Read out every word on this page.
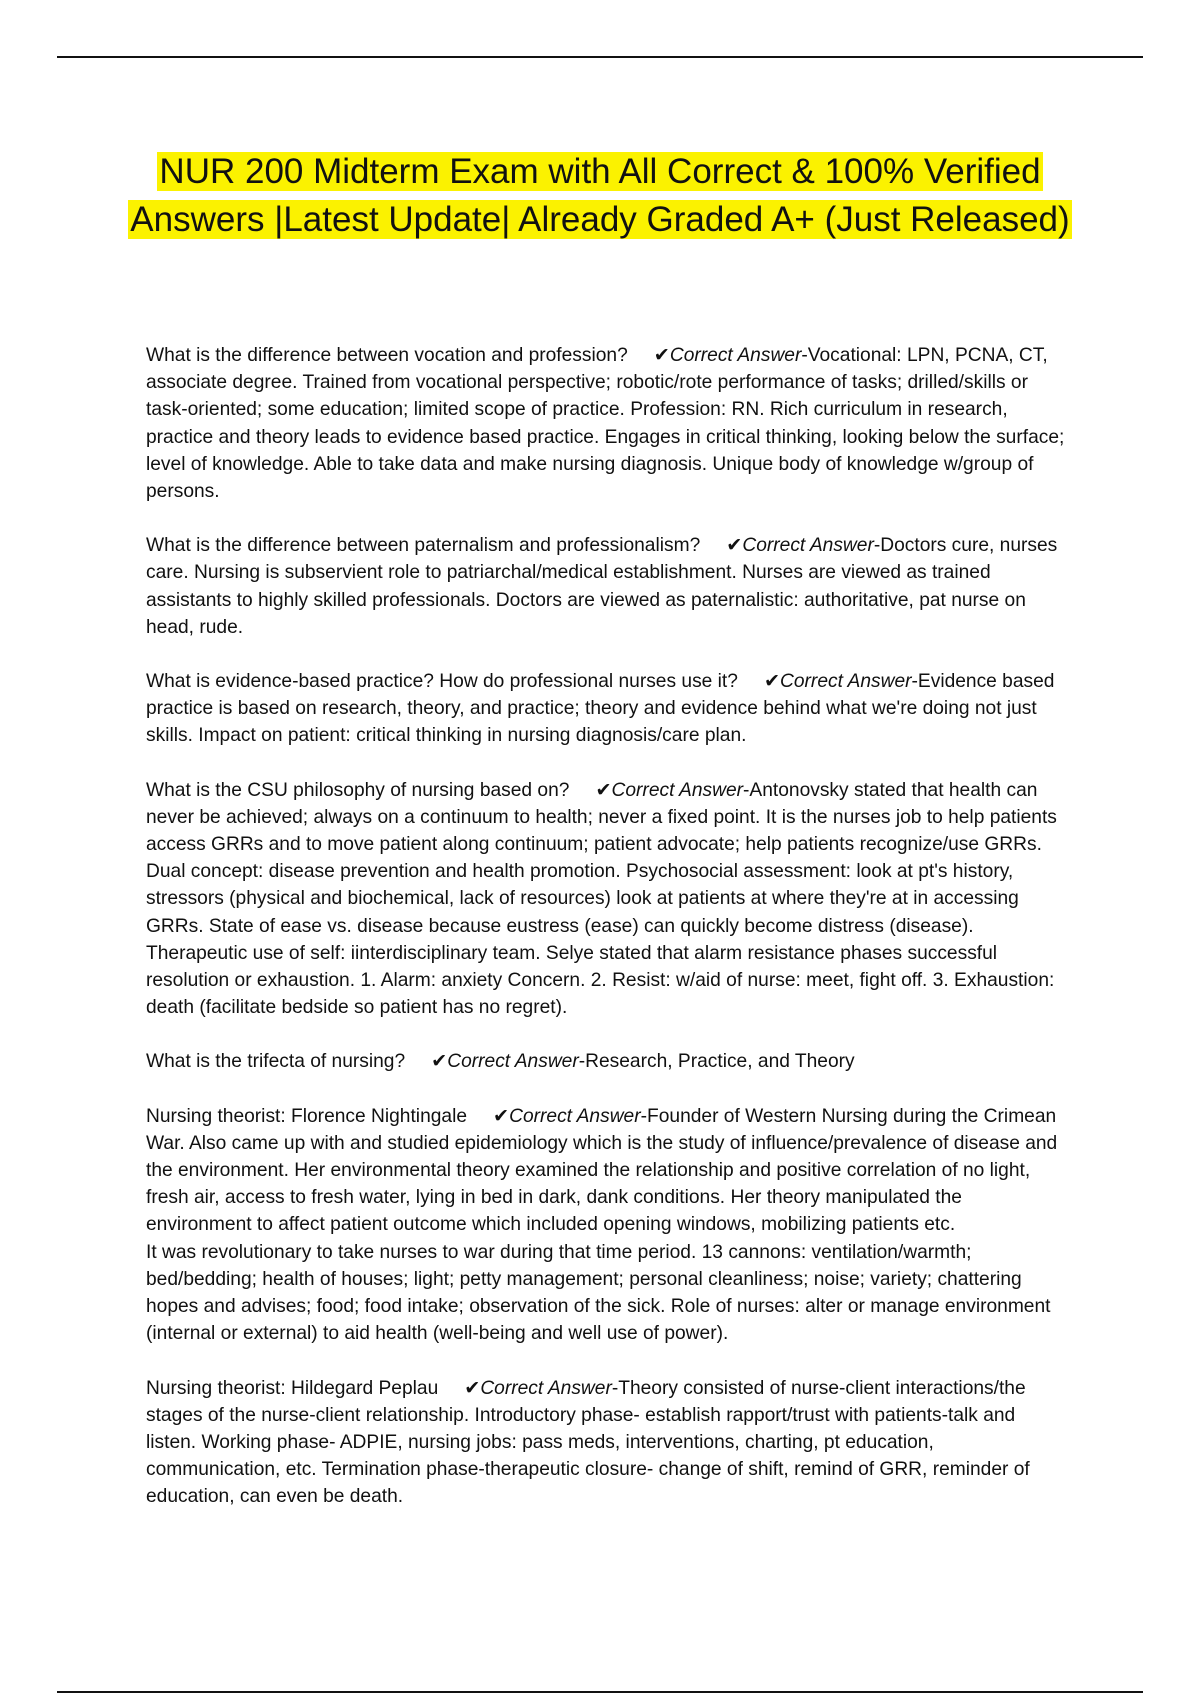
NUR 200 Midterm Exam with All Correct & 100% Verified Answers |Latest Update| Already Graded A+ (Just Released)

What is the difference between vocation and profession? ✔Correct Answer-Vocational: LPN, PCNA, CT, associate degree. Trained from vocational perspective; robotic/rote performance of tasks; drilled/skills or task-oriented; some education; limited scope of practice. Profession: RN. Rich curriculum in research, practice and theory leads to evidence based practice. Engages in critical thinking, looking below the surface; level of knowledge. Able to take data and make nursing diagnosis. Unique body of knowledge w/group of persons.

What is the difference between paternalism and professionalism? ✔Correct Answer-Doctors cure, nurses care. Nursing is subservient role to patriarchal/medical establishment. Nurses are viewed as trained assistants to highly skilled professionals. Doctors are viewed as paternalistic: authoritative, pat nurse on head, rude.

What is evidence-based practice? How do professional nurses use it? ✔Correct Answer-Evidence based practice is based on research, theory, and practice; theory and evidence behind what we're doing not just skills. Impact on patient: critical thinking in nursing diagnosis/care plan.

What is the CSU philosophy of nursing based on? ✔Correct Answer-Antonovsky stated that health can never be achieved; always on a continuum to health; never a fixed point. It is the nurses job to help patients access GRRs and to move patient along continuum; patient advocate; help patients recognize/use GRRs. Dual concept: disease prevention and health promotion. Psychosocial assessment: look at pt's history, stressors (physical and biochemical, lack of resources) look at patients at where they're at in accessing GRRs. State of ease vs. disease because eustress (ease) can quickly become distress (disease). Therapeutic use of self: iinterdisciplinary team. Selye stated that alarm resistance phases successful resolution or exhaustion. 1. Alarm: anxiety Concern. 2. Resist: w/aid of nurse: meet, fight off. 3. Exhaustion: death (facilitate bedside so patient has no regret).

What is the trifecta of nursing? ✔Correct Answer-Research, Practice, and Theory

Nursing theorist: Florence Nightingale ✔Correct Answer-Founder of Western Nursing during the Crimean War. Also came up with and studied epidemiology which is the study of influence/prevalence of disease and the environment. Her environmental theory examined the relationship and positive correlation of no light, fresh air, access to fresh water, lying in bed in dark, dank conditions. Her theory manipulated the environment to affect patient outcome which included opening windows, mobilizing patients etc.
It was revolutionary to take nurses to war during that time period. 13 cannons: ventilation/warmth; bed/bedding; health of houses; light; petty management; personal cleanliness; noise; variety; chattering hopes and advises; food; food intake; observation of the sick. Role of nurses: alter or manage environment (internal or external) to aid health (well-being and well use of power).

Nursing theorist: Hildegard Peplau ✔Correct Answer-Theory consisted of nurse-client interactions/the stages of the nurse-client relationship. Introductory phase- establish rapport/trust with patients-talk and listen. Working phase- ADPIE, nursing jobs: pass meds, interventions, charting, pt education, communication, etc. Termination phase-therapeutic closure- change of shift, remind of GRR, reminder of education, can even be death.
